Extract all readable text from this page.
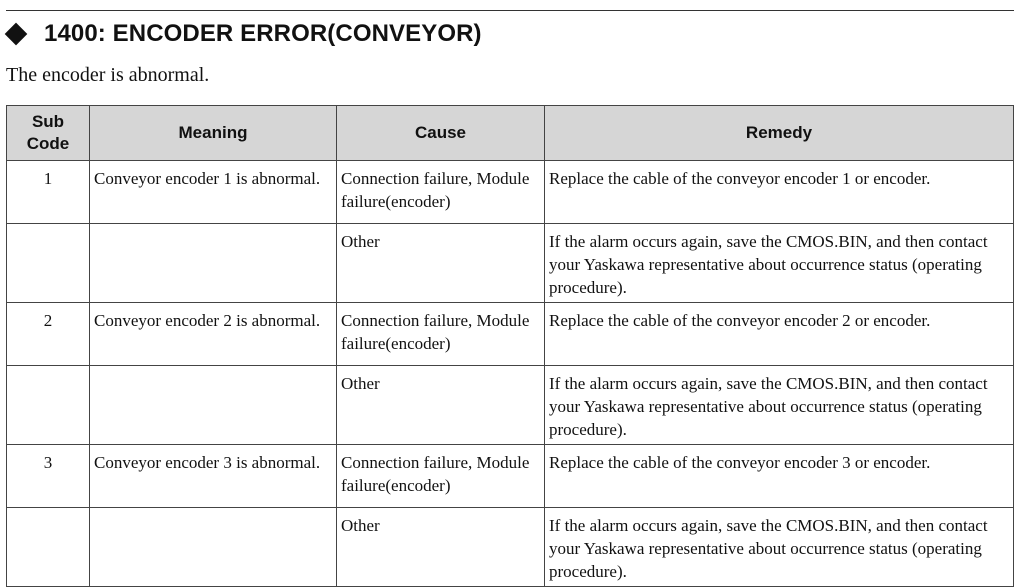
1400: ENCODER ERROR(CONVEYOR)
The encoder is abnormal.
Sub
Code	Meaning	Cause	Remedy
1	Conveyor encoder 1 is abnormal.	Connection failure, Module failure(encoder)	Replace the cable of the conveyor encoder 1 or encoder.
		Other	If the alarm occurs again, save the CMOS.BIN, and then contact your Yaskawa representative about occurrence status (operating procedure).
2	Conveyor encoder 2 is abnormal.	Connection failure, Module failure(encoder)	Replace the cable of the conveyor encoder 2 or encoder.
		Other	If the alarm occurs again, save the CMOS.BIN, and then contact your Yaskawa representative about occurrence status (operating procedure).
3	Conveyor encoder 3 is abnormal.	Connection failure, Module failure(encoder)	Replace the cable of the conveyor encoder 3 or encoder.
		Other	If the alarm occurs again, save the CMOS.BIN, and then contact your Yaskawa representative about occurrence status (operating procedure).
